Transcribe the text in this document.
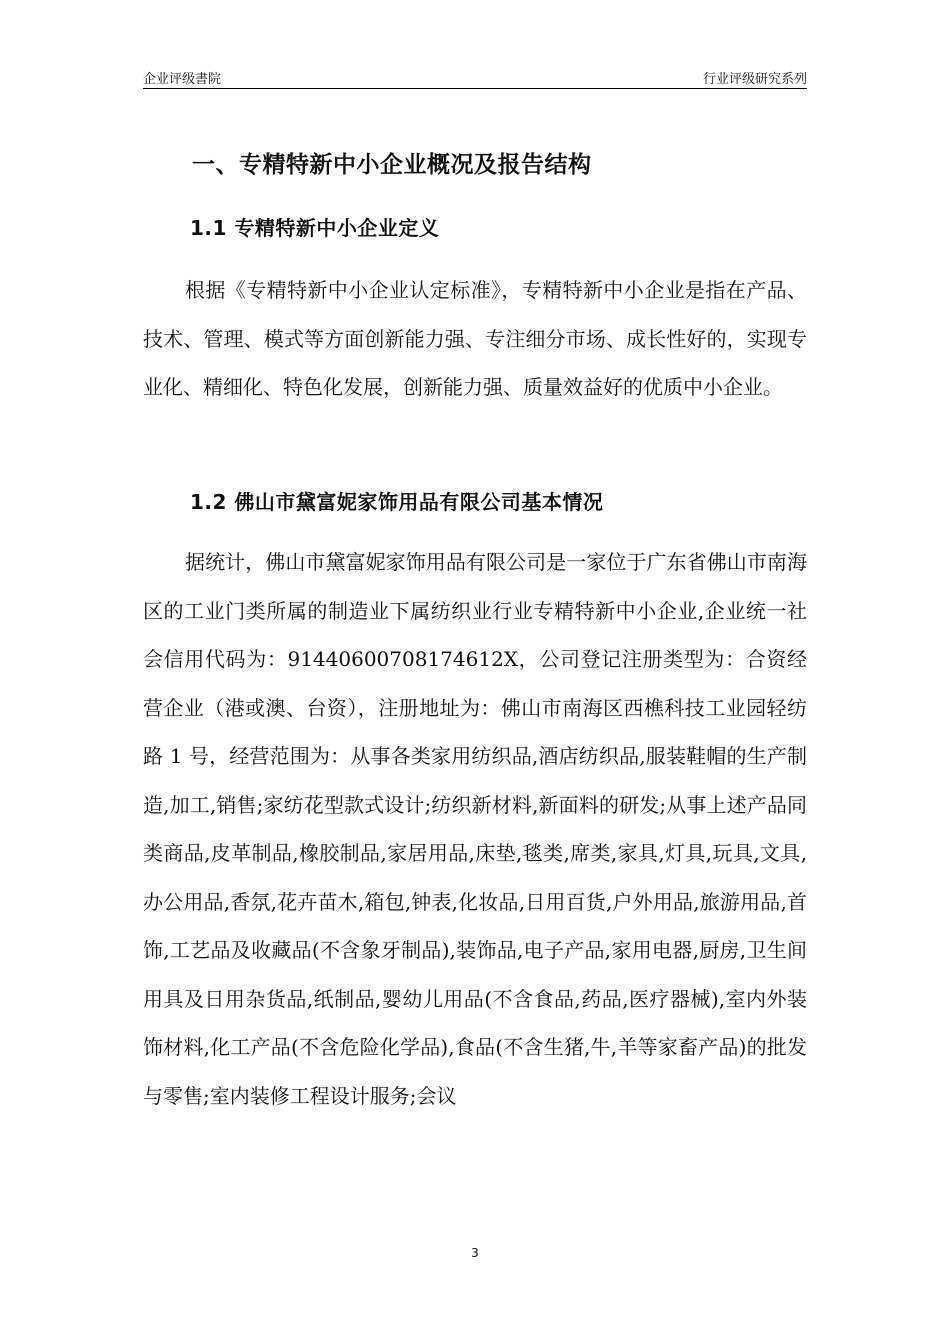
企业评级書院	行业评级研究系列
一、专精特新中小企业概况及报告结构
1.1 专精特新中小企业定义

根据《专精特新中小企业认定标准》，专精特新中小企业是指在产品、技术、管理、模式等方面创新能力强、专注细分市场、成长性好的，实现专业化、精细化、特色化发展，创新能力强、质量效益好的优质中小企业。

1.2 佛山市黛富妮家饰用品有限公司基本情况

据统计，佛山市黛富妮家饰用品有限公司是一家位于广东省佛山市南海区的工业门类所属的制造业下属纺织业行业专精特新中小企业,企业统一社会信用代码为：91440600708174612X，公司登记注册类型为：合资经营企业（港或澳、台资），注册地址为：佛山市南海区西樵科技工业园轻纺路 1 号，经营范围为：从事各类家用纺织品,酒店纺织品,服装鞋帽的生产制造,加工,销售;家纺花型款式设计;纺织新材料,新面料的研发;从事上述产品同类商品,皮革制品,橡胶制品,家居用品,床垫,毯类,席类,家具,灯具,玩具,文具,办公用品,香氛,花卉苗木,箱包,钟表,化妆品,日用百货,户外用品,旅游用品,首饰,工艺品及收藏品(不含象牙制品),装饰品,电子产品,家用电器,厨房,卫生间用具及日用杂货品,纸制品,婴幼儿用品(不含食品,药品,医疗器械),室内外装饰材料,化工产品(不含危险化学品),食品(不含生猪,牛,羊等家畜产品)的批发与零售;室内装修工程设计服务;会议

3
